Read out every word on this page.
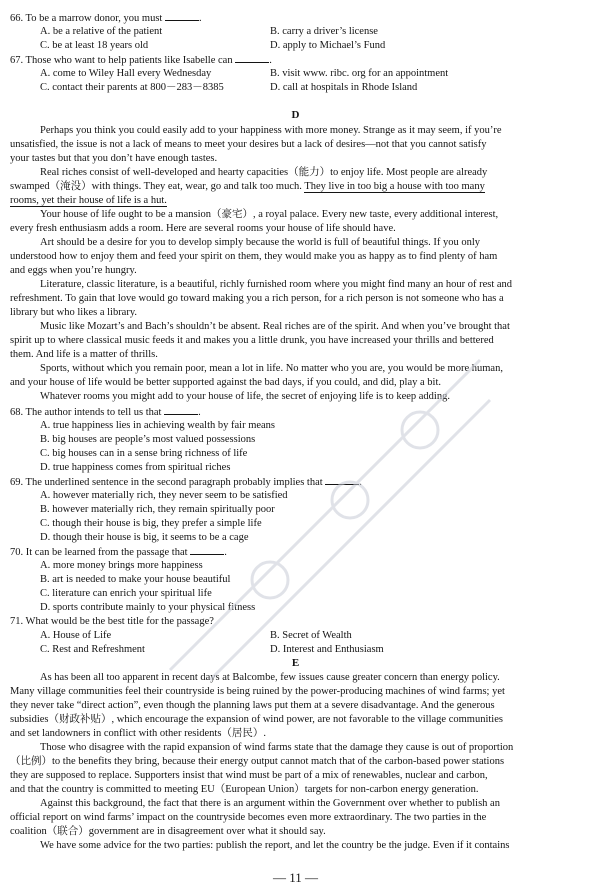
66. To be a marrow donor, you must	.
A. be a relative of the patient	B. carry a driver’s license
C. be at least 18 years old	D. apply to Michael’s Fund
67. Those who want to help patients like Isabelle can	.
A. come to Wiley Hall every Wednesday	B. visit www. ribc. org for an appointment
C. contact their parents at 800－283－8385	D. call at hospitals in Rhode Island
D
Perhaps you think you could easily add to your happiness with more money. Strange as it may seem, if you’re
unsatisfied, the issue is not a lack of means to meet your desires but a lack of desires—not that you cannot satisfy
your tastes but that you don’t have enough tastes.
Real riches consist of well-developed and hearty capacities（能力）to enjoy life. Most people are already
swamped（淹没）with things. They eat, wear, go and talk too much. They live in too big a house with too many
rooms, yet their house of life is a hut.
Your house of life ought to be a mansion（豪宅）, a royal palace. Every new taste, every additional interest,
every fresh enthusiasm adds a room. Here are several rooms your house of life should have.
Art should be a desire for you to develop simply because the world is full of beautiful things. If you only
understood how to enjoy them and feed your spirit on them, they would make you as happy as to find plenty of ham
and eggs when you’re hungry.
Literature, classic literature, is a beautiful, richly furnished room where you might find many an hour of rest and
refreshment. To gain that love would go toward making you a rich person, for a rich person is not someone who has a
library but who likes a library.
Music like Mozart’s and Bach’s shouldn’t be absent. Real riches are of the spirit. And when you’ve brought that
spirit up to where classical music feeds it and makes you a little drunk, you have increased your thrills and bettered
them. And life is a matter of thrills.
Sports, without which you remain poor, mean a lot in life. No matter who you are, you would be more human,
and your house of life would be better supported against the bad days, if you could, and did, play a bit.
Whatever rooms you might add to your house of life, the secret of enjoying life is to keep adding.
68. The author intends to tell us that	.
A. true happiness lies in achieving wealth by fair means
B. big houses are people’s most valued possessions
C. big houses can in a sense bring richness of life
D. true happiness comes from spiritual riches
69. The underlined sentence in the second paragraph probably implies that	.
A. however materially rich, they never seem to be satisfied
B. however materially rich, they remain spiritually poor
C. though their house is big, they prefer a simple life
D. though their house is big, it seems to be a cage
70. It can be learned from the passage that	.
A. more money brings more happiness
B. art is needed to make your house beautiful
C. literature can enrich your spiritual life
D. sports contribute mainly to your physical fitness
71. What would be the best title for the passage?
A. House of Life	B. Secret of Wealth
C. Rest and Refreshment	D. Interest and Enthusiasm
E
As has been all too apparent in recent days at Balcombe, few issues cause greater concern than energy policy.
Many village communities feel their countryside is being ruined by the power-producing machines of wind farms; yet
they never take “direct action”, even though the planning laws put them at a severe disadvantage. And the generous
subsidies（财政补贴）, which encourage the expansion of wind power, are not favorable to the village communities
and set landowners in conflict with other residents（居民）.
Those who disagree with the rapid expansion of wind farms state that the damage they cause is out of proportion
（比例）to the benefits they bring, because their energy output cannot match that of the carbon-based power stations
they are supposed to replace. Supporters insist that wind must be part of a mix of renewables, nuclear and carbon,
and that the country is committed to meeting EU（European Union）targets for non-carbon energy generation.
Against this background, the fact that there is an argument within the Government over whether to publish an
official report on wind farms’ impact on the countryside becomes even more extraordinary. The two parties in the
coalition（联合）government are in disagreement over what it should say.
We have some advice for the two parties: publish the report, and let the country be the judge. Even if it contains
— 11 —
